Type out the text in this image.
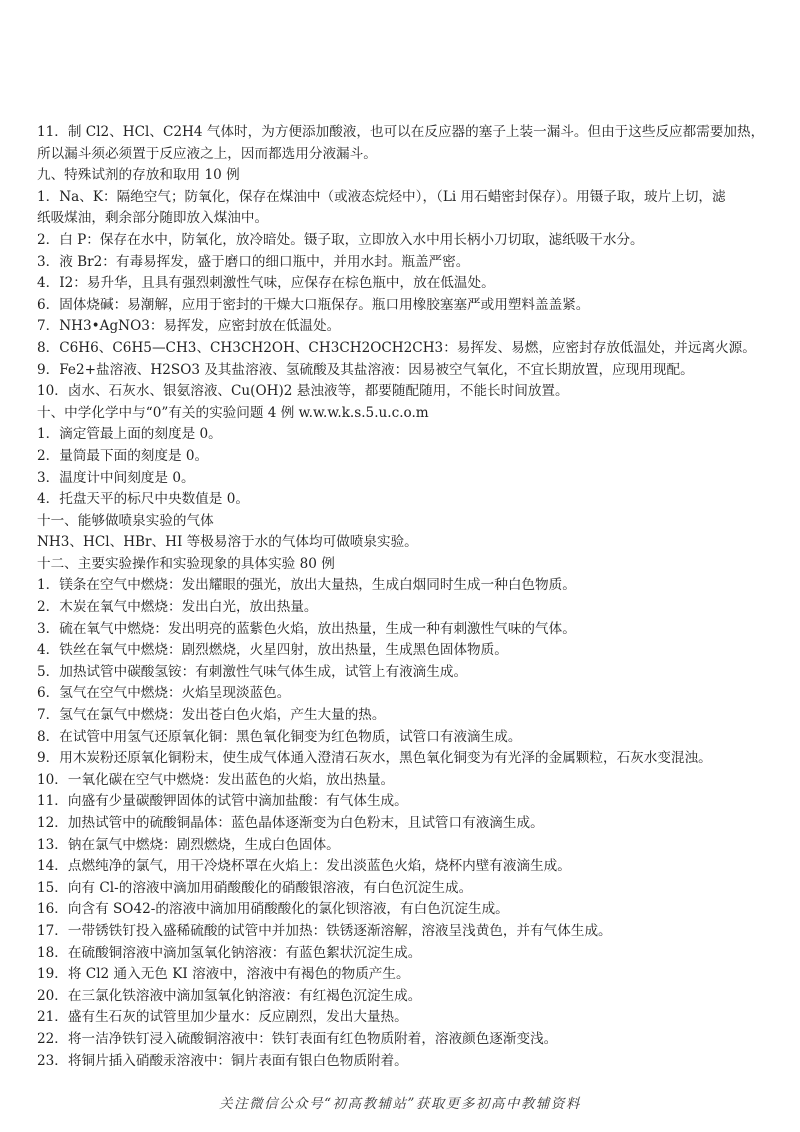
11．制 Cl2、HCl、C2H4 气体时，为方便添加酸液，也可以在反应器的塞子上装一漏斗。但由于这些反应都需要加热，
所以漏斗须必须置于反应液之上，因而都选用分液漏斗。
九、特殊试剂的存放和取用 10 例
1．Na、K：隔绝空气；防氧化，保存在煤油中（或液态烷烃中），（Li 用石蜡密封保存）。用镊子取，玻片上切，滤
纸吸煤油，剩余部分随即放入煤油中。
2．白 P：保存在水中，防氧化，放冷暗处。镊子取，立即放入水中用长柄小刀切取，滤纸吸干水分。
3．液 Br2：有毒易挥发，盛于磨口的细口瓶中，并用水封。瓶盖严密。
4．I2：易升华，且具有强烈刺激性气味，应保存在棕色瓶中，放在低温处。
6．固体烧碱：易潮解，应用于密封的干燥大口瓶保存。瓶口用橡胶塞塞严或用塑料盖盖紧。
7．NH3•AgNO3：易挥发，应密封放在低温处。
8．C6H6、C6H5—CH3、CH3CH2OH、CH3CH2OCH2CH3：易挥发、易燃，应密封存放低温处，并远离火源。
9．Fe2+盐溶液、H2SO3 及其盐溶液、氢硫酸及其盐溶液：因易被空气氧化，不宜长期放置，应现用现配。
10．卤水、石灰水、银氨溶液、Cu(OH)2 悬浊液等，都要随配随用，不能长时间放置。
十、中学化学中与“0”有关的实验问题 4 例 w.w.w.k.s.5.u.c.o.m
1．滴定管最上面的刻度是 0。
2．量筒最下面的刻度是 0。
3．温度计中间刻度是 0。
4．托盘天平的标尺中央数值是 0。
十一、能够做喷泉实验的气体
NH3、HCl、HBr、HI 等极易溶于水的气体均可做喷泉实验。
十二、主要实验操作和实验现象的具体实验 80 例
1．镁条在空气中燃烧：发出耀眼的强光，放出大量热，生成白烟同时生成一种白色物质。
2．木炭在氧气中燃烧：发出白光，放出热量。
3．硫在氧气中燃烧：发出明亮的蓝紫色火焰，放出热量，生成一种有刺激性气味的气体。
4．铁丝在氧气中燃烧：剧烈燃烧，火星四射，放出热量，生成黑色固体物质。
5．加热试管中碳酸氢铵：有刺激性气味气体生成，试管上有液滴生成。
6．氢气在空气中燃烧：火焰呈现淡蓝色。
7．氢气在氯气中燃烧：发出苍白色火焰，产生大量的热。
8．在试管中用氢气还原氧化铜：黑色氧化铜变为红色物质，试管口有液滴生成。
9．用木炭粉还原氧化铜粉末，使生成气体通入澄清石灰水，黑色氧化铜变为有光泽的金属颗粒，石灰水变混浊。
10．一氧化碳在空气中燃烧：发出蓝色的火焰，放出热量。
11．向盛有少量碳酸钾固体的试管中滴加盐酸：有气体生成。
12．加热试管中的硫酸铜晶体：蓝色晶体逐渐变为白色粉末，且试管口有液滴生成。
13．钠在氯气中燃烧：剧烈燃烧，生成白色固体。
14．点燃纯净的氯气，用干冷烧杯罩在火焰上：发出淡蓝色火焰，烧杯内壁有液滴生成。
15．向有 Cl-的溶液中滴加用硝酸酸化的硝酸银溶液，有白色沉淀生成。
16．向含有 SO42-的溶液中滴加用硝酸酸化的氯化钡溶液，有白色沉淀生成。
17．一带锈铁钉投入盛稀硫酸的试管中并加热：铁锈逐渐溶解，溶液呈浅黄色，并有气体生成。
18．在硫酸铜溶液中滴加氢氧化钠溶液：有蓝色絮状沉淀生成。
19．将 Cl2 通入无色 KI 溶液中，溶液中有褐色的物质产生。
20．在三氯化铁溶液中滴加氢氧化钠溶液：有红褐色沉淀生成。
21．盛有生石灰的试管里加少量水：反应剧烈，发出大量热。
22．将一洁净铁钉浸入硫酸铜溶液中：铁钉表面有红色物质附着，溶液颜色逐渐变浅。
23．将铜片插入硝酸汞溶液中：铜片表面有银白色物质附着。
关注微信公众号“初高教辅站”获取更多初高中教辅资料
